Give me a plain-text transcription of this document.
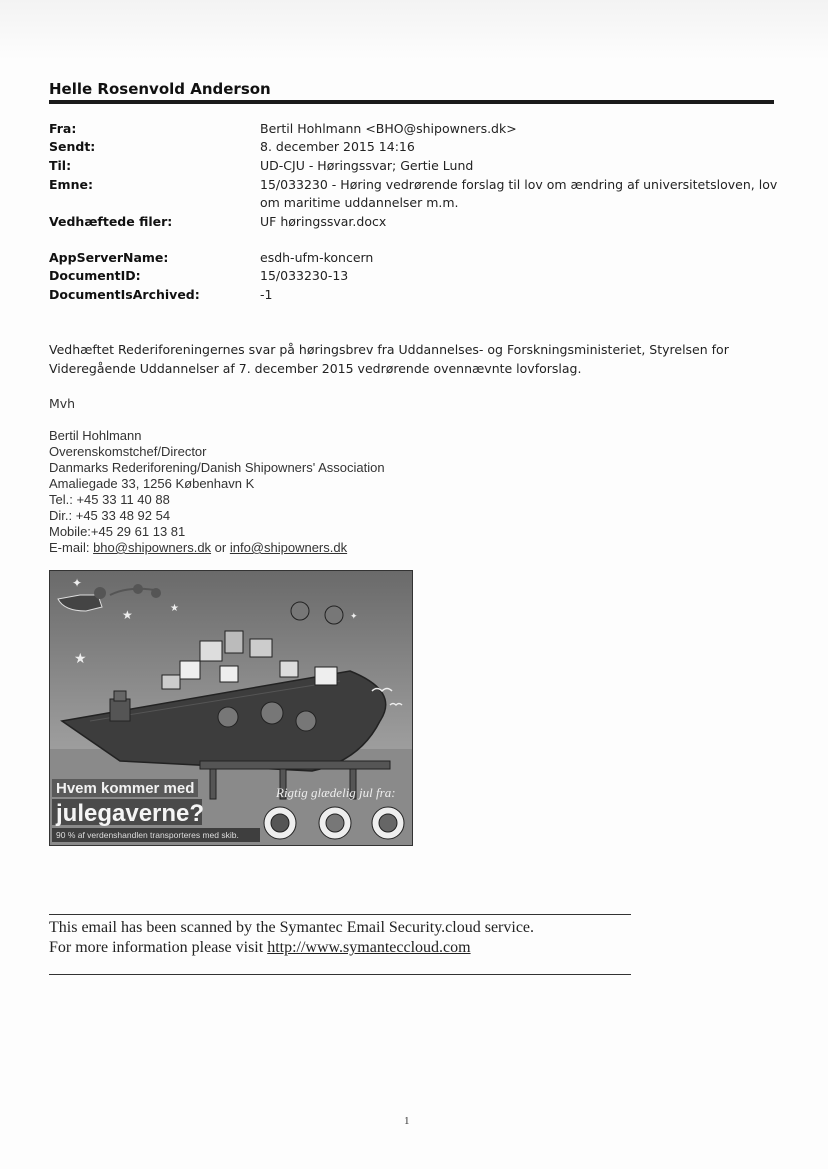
Helle Rosenvold Anderson
Fra:	Bertil Hohlmann <BHO@shipowners.dk>
Sendt:	8. december 2015 14:16
Til:	UD-CJU - Høringssvar; Gertie Lund
Emne:	15/033230 - Høring vedrørende forslag til lov om ændring af universitetsloven, lov om maritime uddannelser m.m.
Vedhæftede filer:	UF høringssvar.docx
AppServerName:	esdh-ufm-koncern
DocumentID:	15/033230-13
DocumentIsArchived:	-1
Vedhæftet Rederiforeningernes svar på høringsbrev fra Uddannelses- og Forskningsministeriet, Styrelsen for Videregående Uddannelser af 7. december 2015 vedrørende ovennævnte lovforslag.
Mvh
Bertil Hohlmann
Overenskomstchef/Director
Danmarks Rederiforening/Danish Shipowners' Association
Amaliegade 33, 1256 København K
Tel.: +45 33 11 40 88
Dir.: +45 33 48 92 54
Mobile:+45 29 61 13 81
E-mail: bho@shipowners.dk or info@shipowners.dk
✦
★	★
★
✦
Hvem kommer med
julegaverne?
90 % af verdenshandlen transporteres med skib.
Rigtig glædelig jul fra:
This email has been scanned by the Symantec Email Security.cloud service.
For more information please visit http://www.symanteccloud.com
1
